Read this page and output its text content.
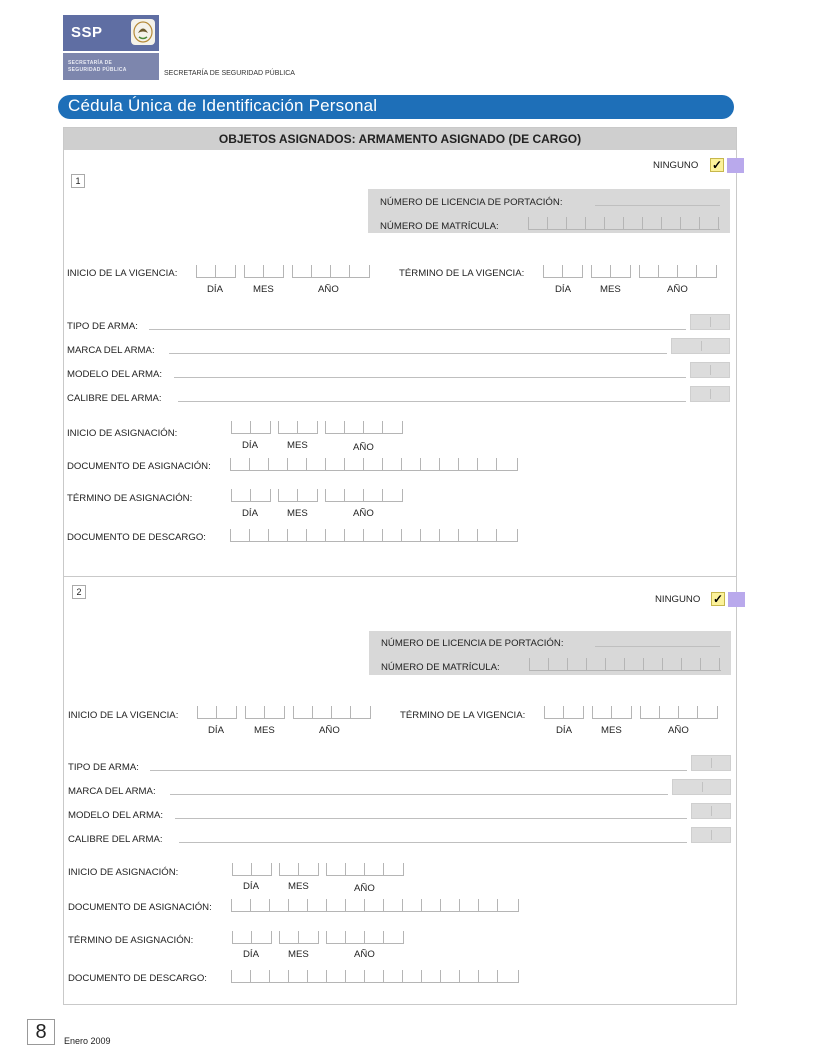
SSP
SECRETARÍA DE
SEGURIDAD PÚBLICA	SECRETARÍA DE SEGURIDAD PÚBLICA
Cédula Única de Identificación Personal
OBJETOS ASIGNADOS: ARMAMENTO ASIGNADO (DE CARGO)
1
NINGUNO ✓
NÚMERO DE LICENCIA DE PORTACIÓN:
NÚMERO DE MATRÍCULA:
INICIO DE LA VIGENCIA:
DÍA	MES	AÑO
TÉRMINO DE LA VIGENCIA:
DÍA	MES	AÑO
TIPO DE ARMA:
MARCA DEL ARMA:
MODELO DEL ARMA:
CALIBRE DEL ARMA:
INICIO DE ASIGNACIÓN:
DÍA	MES	AÑO
DOCUMENTO DE ASIGNACIÓN:
TÉRMINO DE ASIGNACIÓN:
DÍA	MES	AÑO
DOCUMENTO DE DESCARGO:
2
NINGUNO ✓
NÚMERO DE LICENCIA DE PORTACIÓN:
NÚMERO DE MATRÍCULA:
INICIO DE LA VIGENCIA:
DÍA	MES	AÑO
TÉRMINO DE LA VIGENCIA:
DÍA	MES	AÑO
TIPO DE ARMA:
MARCA DEL ARMA:
MODELO DEL ARMA:
CALIBRE DEL ARMA:
INICIO DE ASIGNACIÓN:
DÍA	MES	AÑO
DOCUMENTO DE ASIGNACIÓN:
TÉRMINO DE ASIGNACIÓN:
DÍA	MES	AÑO
DOCUMENTO DE DESCARGO:
8	Enero 2009
